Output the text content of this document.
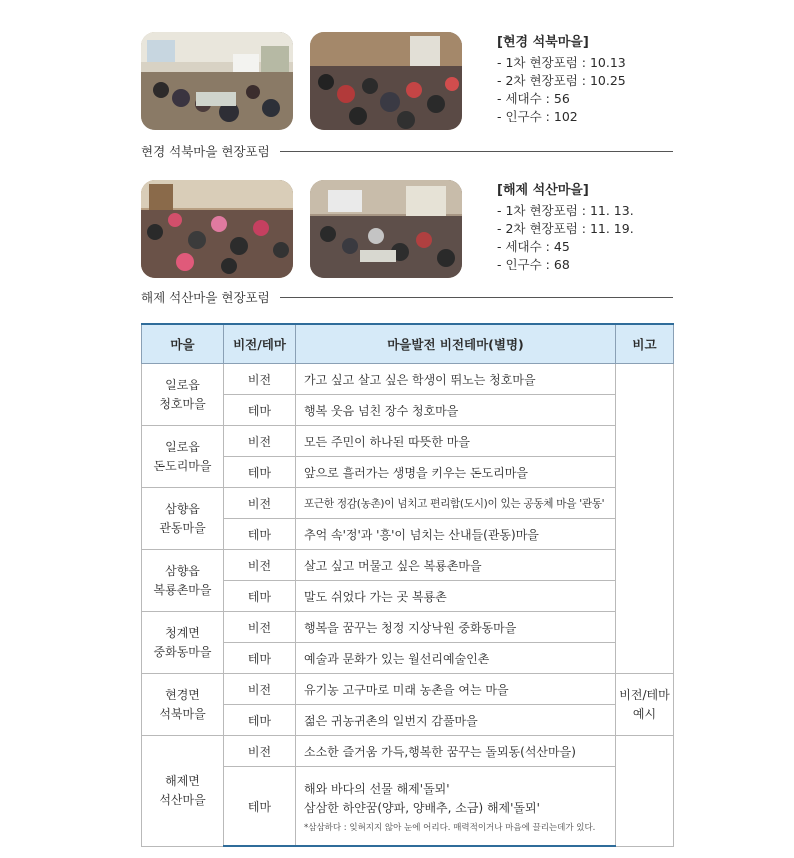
[현경 석북마을]
- 1차 현장포럼 : 10.13
- 2차 현장포럼 : 10.25
- 세대수 : 56
- 인구수 : 102
현경 석북마을 현장포럼
[해제 석산마을]
- 1차 현장포럼 : 11. 13.
- 2차 현장포럼 : 11. 19.
- 세대수 : 45
- 인구수 : 68
해제 석산마을 현장포럼
마을	비전/테마	마을발전 비전테마(별명)	비고

일로읍
청호마을	비전	가고 싶고 살고 싶은 학생이 뛰노는 청호마을	
	테마	행복 웃음 넘친 장수 청호마을	

일로읍
돈도리마을	비전	모든 주민이 하나된 따뜻한 마을	
	테마	앞으로 흘러가는 생명을 키우는 돈도리마을	

삼향읍
관동마을	비전	포근한 정감(농촌)이 넘치고 편리함(도시)이 있는 공동체 마을 '관동'	
	테마	추억 속'정'과 '흥'이 넘치는 산내들(관동)마을	

삼향읍
복룡촌마을	비전	살고 싶고 머물고 싶은 복룡촌마을	
	테마	말도 쉬었다 가는 곳 복룡촌	

청계면
중화동마을	비전	행복을 꿈꾸는 청정 지상낙원 중화동마을	
	테마	예술과 문화가 있는 월선리예술인촌	

현경면
석북마을	비전	유기농 고구마로 미래 농촌을 여는 마을	비전/테마
예시

	테마	젊은 귀농귀촌의 일번지 감풀마을	

해제면
석산마을	비전	소소한 즐거움 가득,행복한 꿈꾸는 돌뫼동(석산마을)	
	테마	해와 바다의 선물 해제'돌뫼'
삼삼한 하얀꿈(양파, 양배추, 소금) 해제'돌뫼'
*삼삼하다 : 잊혀지지 않아 눈에 어리다. 매력적이거나 마음에 끌리는데가 있다.	
